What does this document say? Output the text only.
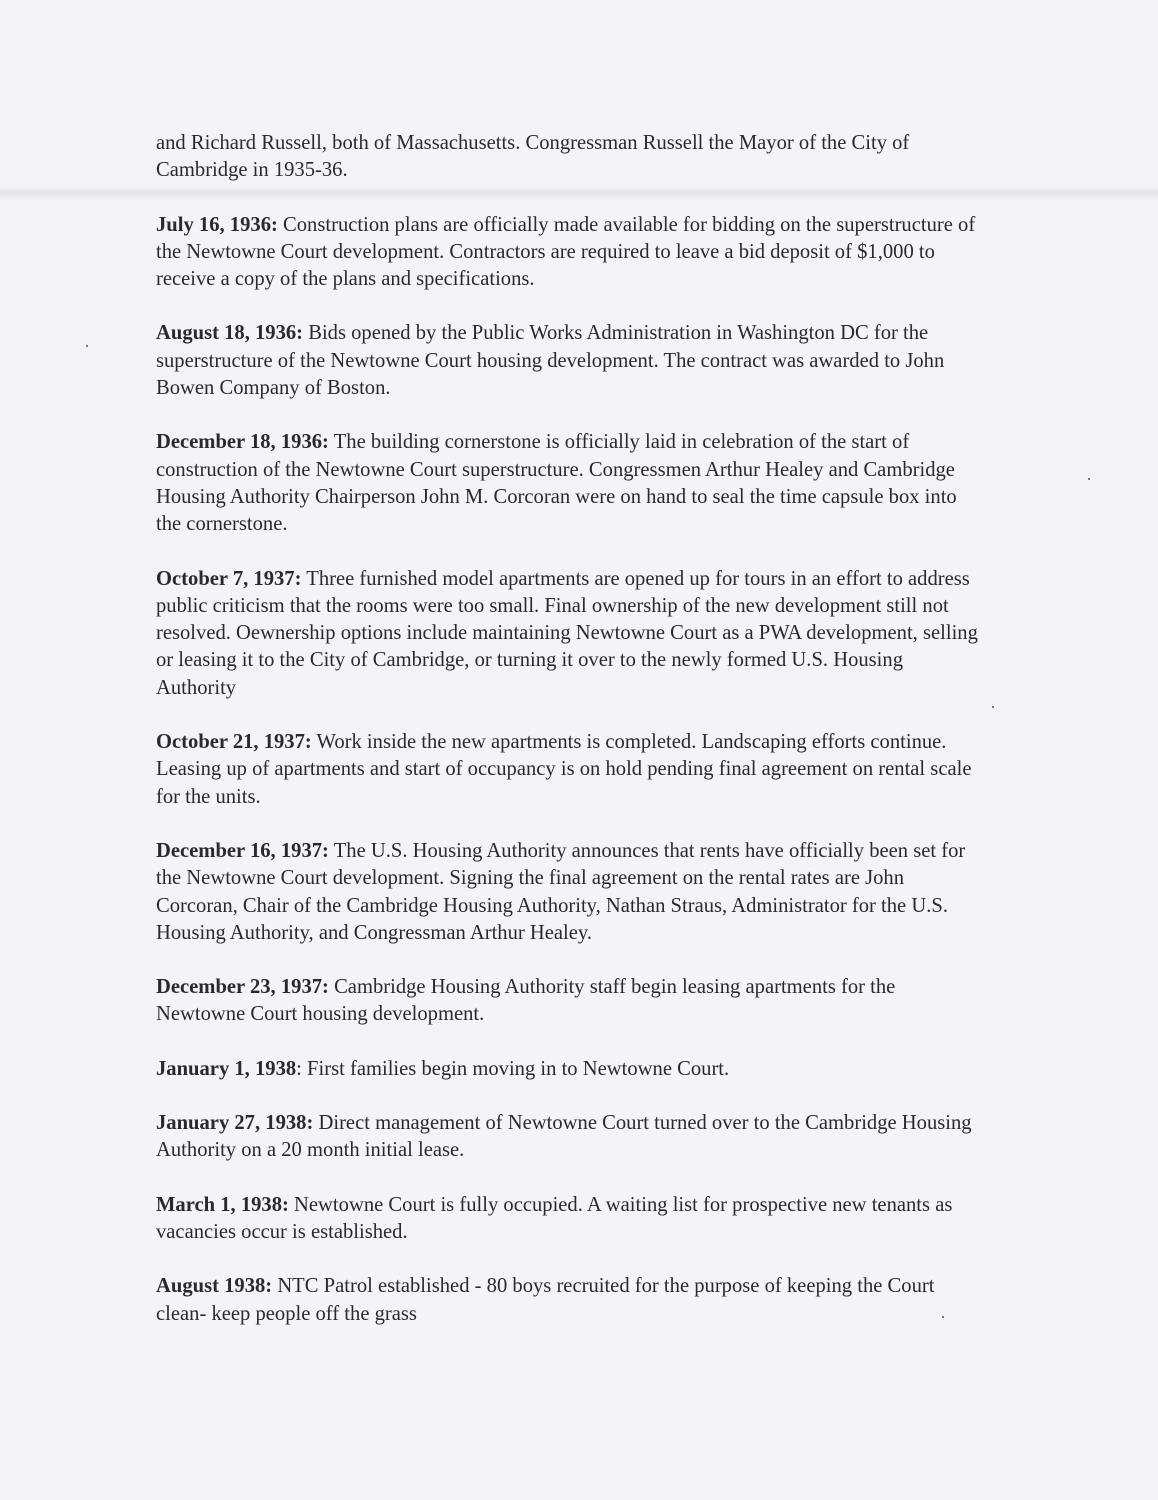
and Richard Russell, both of Massachusetts. Congressman Russell the Mayor of the City of Cambridge in 1935-36.

July 16, 1936: Construction plans are officially made available for bidding on the superstructure of the Newtowne Court development. Contractors are required to leave a bid deposit of $1,000 to receive a copy of the plans and specifications.

August 18, 1936: Bids opened by the Public Works Administration in Washington DC for the superstructure of the Newtowne Court housing development. The contract was awarded to John Bowen Company of Boston.

December 18, 1936: The building cornerstone is officially laid in celebration of the start of construction of the Newtowne Court superstructure. Congressmen Arthur Healey and Cambridge Housing Authority Chairperson John M. Corcoran were on hand to seal the time capsule box into the cornerstone.

October 7, 1937: Three furnished model apartments are opened up for tours in an effort to address public criticism that the rooms were too small. Final ownership of the new development still not resolved. Oewnership options include maintaining Newtowne Court as a PWA development, selling or leasing it to the City of Cambridge, or turning it over to the newly formed U.S. Housing Authority

October 21, 1937: Work inside the new apartments is completed. Landscaping efforts continue. Leasing up of apartments and start of occupancy is on hold pending final agreement on rental scale for the units.

December 16, 1937: The U.S. Housing Authority announces that rents have officially been set for the Newtowne Court development. Signing the final agreement on the rental rates are John Corcoran, Chair of the Cambridge Housing Authority, Nathan Straus, Administrator for the U.S. Housing Authority, and Congressman Arthur Healey.

December 23, 1937: Cambridge Housing Authority staff begin leasing apartments for the Newtowne Court housing development.

January 1, 1938: First families begin moving in to Newtowne Court.

January 27, 1938: Direct management of Newtowne Court turned over to the Cambridge Housing Authority on a 20 month initial lease.

March 1, 1938: Newtowne Court is fully occupied. A waiting list for prospective new tenants as vacancies occur is established.

August 1938: NTC Patrol established - 80 boys recruited for the purpose of keeping the Court clean- keep people off the grass
